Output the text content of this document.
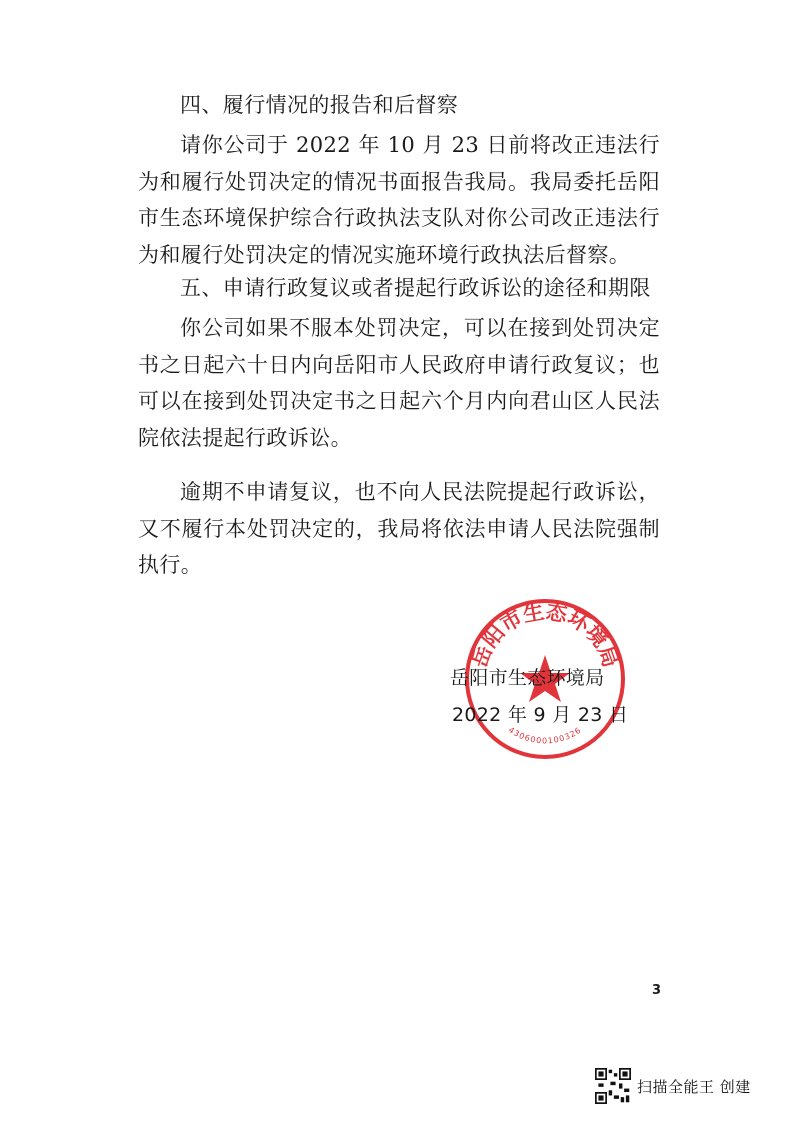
四、履行情况的报告和后督察
请你公司于 2022 年 10 月 23 日前将改正违法行为和履行处罚决定的情况书面报告我局。我局委托岳阳市生态环境保护综合行政执法支队对你公司改正违法行为和履行处罚决定的情况实施环境行政执法后督察。
五、申请行政复议或者提起行政诉讼的途径和期限
你公司如果不服本处罚决定，可以在接到处罚决定书之日起六十日内向岳阳市人民政府申请行政复议；也可以在接到处罚决定书之日起六个月内向君山区人民法院依法提起行政诉讼。
逾期不申请复议，也不向人民法院提起行政诉讼，又不履行本处罚决定的，我局将依法申请人民法院强制执行。
岳阳市生态环境局
4306000100326
岳阳市生态环境局
2022 年 9 月 23 日
3
扫描全能王 创建
